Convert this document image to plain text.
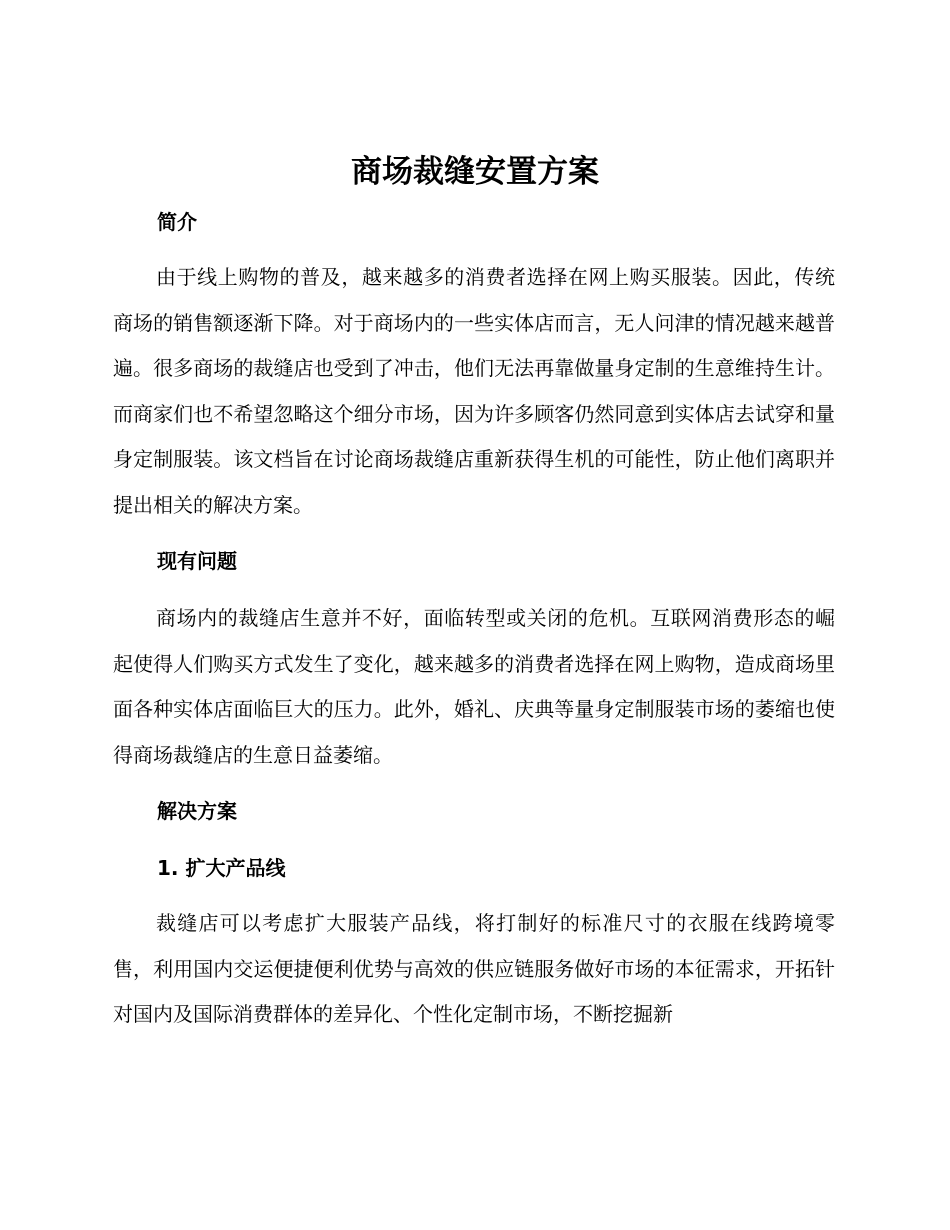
商场裁缝安置方案
简介

由于线上购物的普及，越来越多的消费者选择在网上购买服装。因此，传统商场的销售额逐渐下降。对于商场内的一些实体店而言，无人问津的情况越来越普遍。很多商场的裁缝店也受到了冲击，他们无法再靠做量身定制的生意维持生计。而商家们也不希望忽略这个细分市场，因为许多顾客仍然同意到实体店去试穿和量身定制服装。该文档旨在讨论商场裁缝店重新获得生机的可能性，防止他们离职并提出相关的解决方案。

现有问题

商场内的裁缝店生意并不好，面临转型或关闭的危机。互联网消费形态的崛起使得人们购买方式发生了变化，越来越多的消费者选择在网上购物，造成商场里面各种实体店面临巨大的压力。此外，婚礼、庆典等量身定制服装市场的萎缩也使得商场裁缝店的生意日益萎缩。

解决方案
1. 扩大产品线

裁缝店可以考虑扩大服装产品线，将打制好的标准尺寸的衣服在线跨境零售，利用国内交运便捷便利优势与高效的供应链服务做好市场的本征需求，开拓针对国内及国际消费群体的差异化、个性化定制市场，不断挖掘新
